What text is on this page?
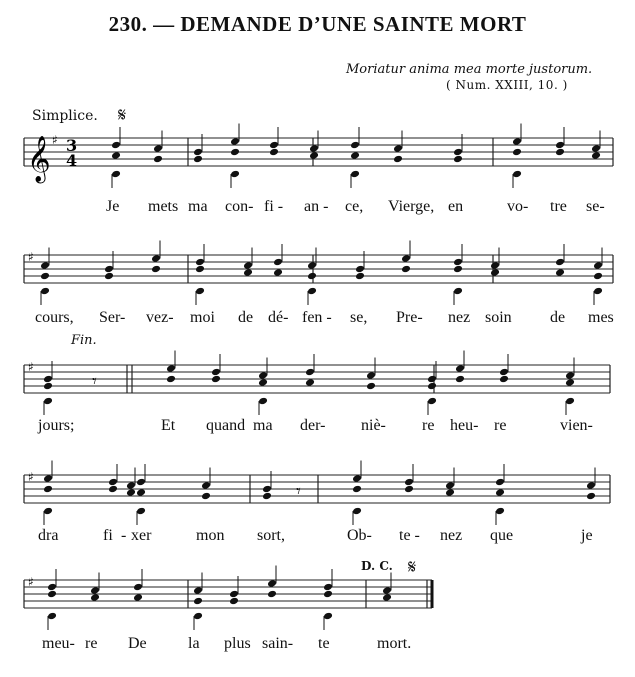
230. — DEMANDE D’UNE SAINTE MORT
Moriatur anima mea morte justorum.
( Num. XXIII, 10. )
Simplice. 𝄋
Fin.
D. C. 𝄋
𝄞 ♯ 3
4
♯
♯
𝄾
♯
𝄾
♯
Je mets ma con- fi - an - ce, Vierge, en	vo- tre se-
cours, Ser- vez- moi de dé- fen - se, Pre- nez soin de mes
jours;	Et quand ma der- niè- re heu- re	vien-
dra	fi - xer	mon sort,	Ob- te - nez que	je
meu- re De	la plus sain- te	mort.
